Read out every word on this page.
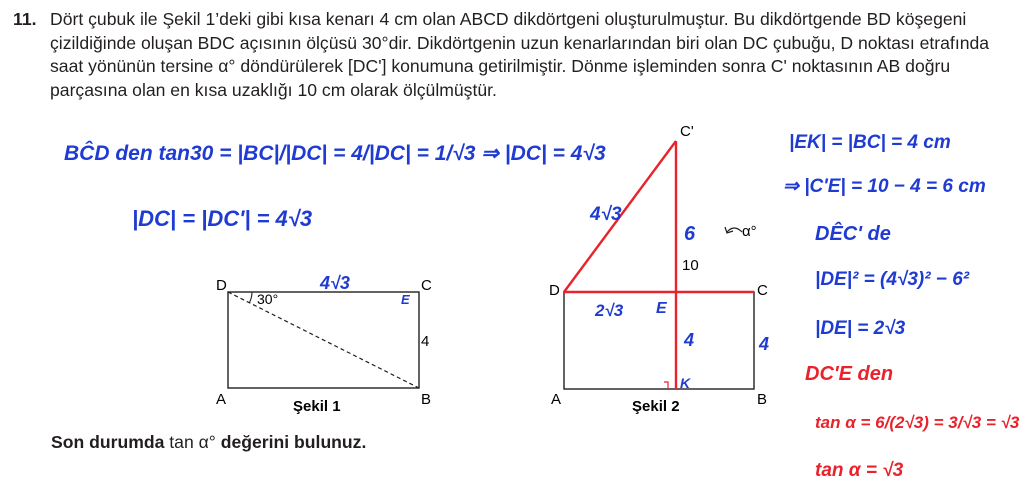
11. Dört çubuk ile Şekil 1’deki gibi kısa kenarı 4 cm olan ABCD dikdörtgeni oluşturulmuştur. Bu dikdörtgende BD köşegeni çizildiğinde oluşan BDC açısının ölçüsü 30°dir. Dikdörtgenin uzun kenarlarından biri olan DC çubuğu, D noktası etrafında saat yönünün tersine α° döndürülerek [DC'] konumuna getirilmiştir. Dönme işleminden sonra C' noktasının AB doğru parçasına olan en kısa uzaklığı 10 cm olarak ölçülmüştür.
D	C
A	B
30°
4
Şekil 1
D	C
A	B
C'
10
α°
Şekil 2
BĈD den tan30 = |BC|/|DC| = 4/|DC| = 1/√3 ⇒ |DC| = 4√3
|DC| = |DC'| = 4√3
4√3
E
4√3
6
4	4
2√3 E
K
|EK| = |BC| = 4 cm
⇒ |C'E| = 10 − 4 = 6 cm
DÊC' de
|DE|² = (4√3)² − 6²
|DE| = 2√3
DC'E den
tan α = 6/(2√3) = 3/√3 = √3
tan α = √3
Son durumda tan α° değerini bulunuz.
